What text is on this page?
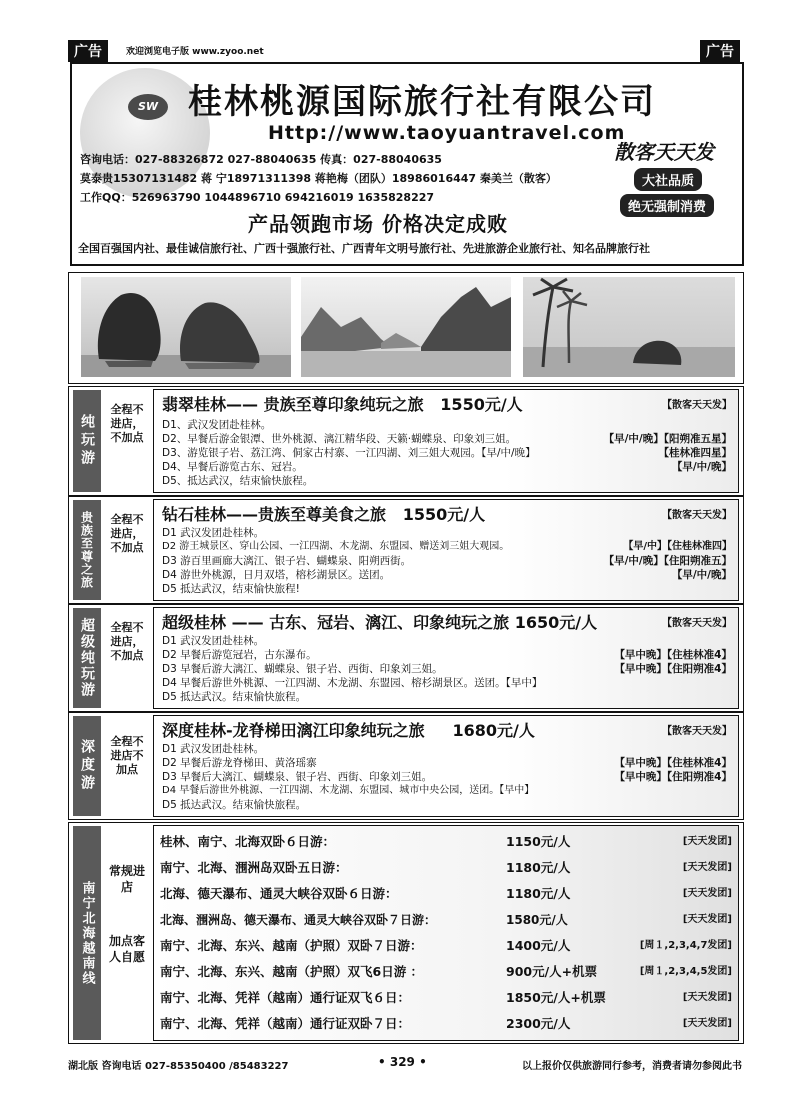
广告	欢迎浏览电子版 www.zyoo.net	广告
SW 桂林桃源国际旅行社有限公司
Http://www.taoyuantravel.com
咨询电话：027-88326872 027-88040635 传真：027-88040635
莫泰贵15307131482 蒋 宁18971311398 蒋艳梅（团队）18986016447 秦美兰（散客）
工作QQ：526963790 1044896710 694216019 1635828227
散客天天发
大社品质
绝无强制消费
产品领跑市场 价格决定成败
全国百强国内社、最佳诚信旅行社、广西十强旅行社、广西青年文明号旅行社、先进旅游企业旅行社、知名品牌旅行社
纯玩游
全程不进店，不加点
翡翠桂林—— 贵族至尊印象纯玩之旅 1550元/人	【散客天天发】
D1、武汉发团赴桂林。
D2、早餐后游金银潭、世外桃源、漓江精华段、天籁·蝴蝶泉、印象刘三姐。	【早/中/晚】【阳朔准五星】
D3、游览银子岩、荔江湾、侗家古村寨、一江四湖、刘三姐大观园。【早/中/晚】	【桂林准四星】
D4、早餐后游览古东、冠岩。	【早/中/晚】
D5、抵达武汉，结束愉快旅程。
贵族至尊之旅	全程不进店，不加点
钻石桂林——贵族至尊美食之旅 1550元/人	【散客天天发】
D1 武汉发团赴桂林。
D2 游王城景区、穿山公园、一江四湖、木龙湖、东盟园、赠送刘三姐大观园。	【早/中】【住桂林准四】
D3 游百里画廊大漓江、银子岩、蝴蝶泉、阳朔西街。	【早/中/晚】【住阳朔准五】
D4 游世外桃源，日月双塔，榕杉湖景区。送团。	【早/中/晚】
D5 抵达武汉，结束愉快旅程!
超级纯玩游	全程不进店，不加点
超级桂林 —— 古东、冠岩、漓江、印象纯玩之旅 1650元/人	【散客天天发】
D1 武汉发团赴桂林。
D2 早餐后游览冠岩，古东瀑布。	【早中晚】【住桂林准4】
D3 早餐后游大漓江、蝴蝶泉、银子岩、西街、印象刘三姐。	【早中晚】【住阳朔准4】
D4 早餐后游世外桃源、一江四湖、木龙湖、东盟园、榕杉湖景区。送团。【早中】
D5 抵达武汉。结束愉快旅程。
深度游	全程不进店不加点
深度桂林-龙脊梯田漓江印象纯玩之旅 1680元/人	【散客天天发】
D1 武汉发团赴桂林。
D2 早餐后游龙脊梯田、黄洛瑶寨	【早中晚】【住桂林准4】
D3 早餐后大漓江、蝴蝶泉、银子岩、西街、印象刘三姐。	【早中晚】【住阳朔准4】
D4 早餐后游世外桃源、一江四湖、木龙湖、东盟园、城市中央公园，送团。【早中】
D5 抵达武汉。结束愉快旅程。
南宁北海越南线
常规进店
加点客人自愿
桂林、南宁、北海双卧６日游：	1150元/人	[天天发团]
南宁、北海、涠洲岛双卧五日游：	1180元/人	[天天发团]
北海、德天瀑布、通灵大峡谷双卧６日游：	1180元/人	[天天发团]
北海、涠洲岛、德天瀑布、通灵大峡谷双卧７日游：	1580元/人	[天天发团]
南宁、北海、东兴、越南（护照）双卧７日游：	1400元/人	[周１,2,3,4,7发团]
南宁、北海、东兴、越南（护照）双飞6日游 ：	900元/人+机票	[周１,2,3,4,5发团]
南宁、北海、凭祥（越南）通行证双飞６日：	1850元/人+机票	[天天发团]
南宁、北海、凭祥（越南）通行证双卧７日：	2300元/人	[天天发团]
湖北版 咨询电话 027-85350400 /85483227	• 329 •	以上报价仅供旅游同行参考，消费者请勿参阅此书
